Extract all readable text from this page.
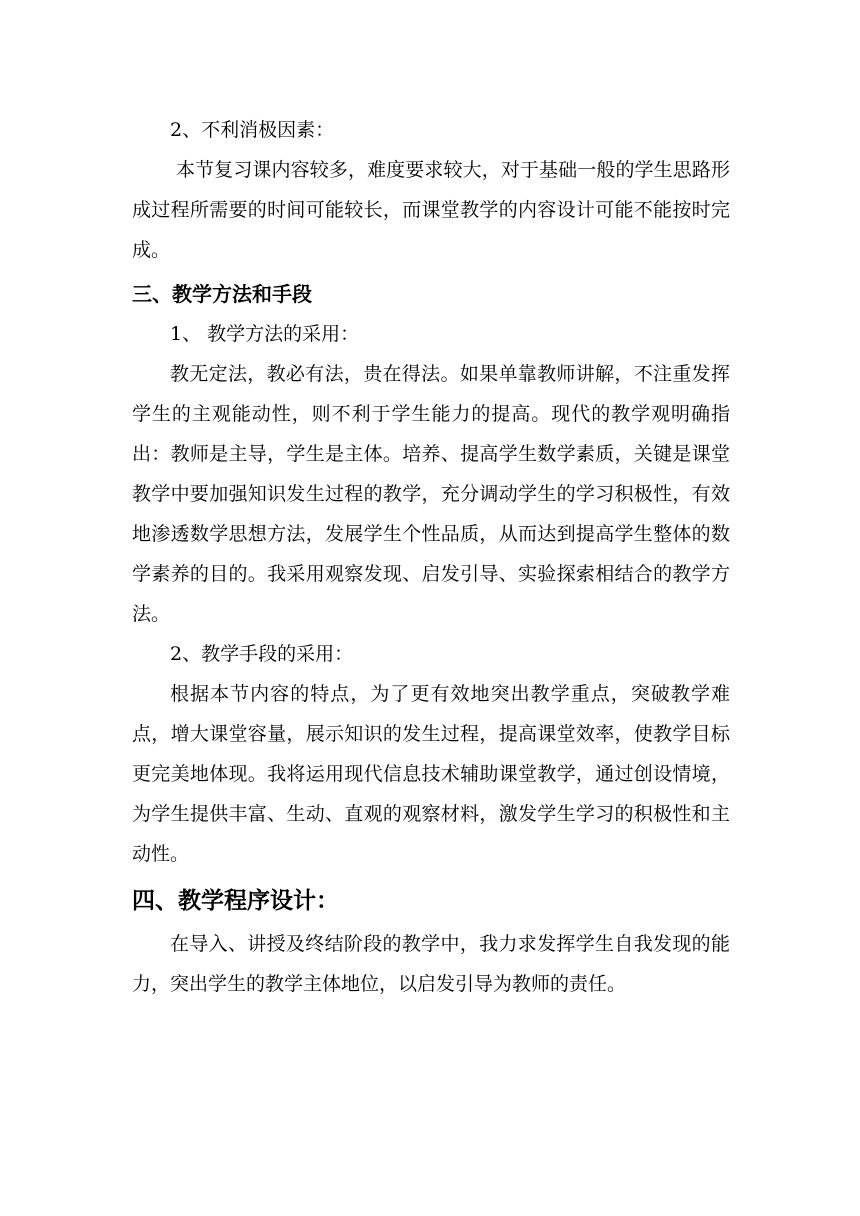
2、不利消极因素：

本节复习课内容较多，难度要求较大，对于基础一般的学生思路形成过程所需要的时间可能较长，而课堂教学的内容设计可能不能按时完成。

三、教学方法和手段

1、 教学方法的采用：

教无定法，教必有法，贵在得法。如果单靠教师讲解，不注重发挥学生的主观能动性，则不利于学生能力的提高。现代的教学观明确指出：教师是主导，学生是主体。培养、提高学生数学素质，关键是课堂教学中要加强知识发生过程的教学，充分调动学生的学习积极性，有效地渗透数学思想方法，发展学生个性品质，从而达到提高学生整体的数学素养的目的。我采用观察发现、启发引导、实验探索相结合的教学方法。

2、教学手段的采用：

根据本节内容的特点，为了更有效地突出教学重点，突破教学难点，增大课堂容量，展示知识的发生过程，提高课堂效率，使教学目标更完美地体现。我将运用现代信息技术辅助课堂教学，通过创设情境，为学生提供丰富、生动、直观的观察材料，激发学生学习的积极性和主动性。

四、教学程序设计：

在导入、讲授及终结阶段的教学中，我力求发挥学生自我发现的能力，突出学生的教学主体地位，以启发引导为教师的责任。
